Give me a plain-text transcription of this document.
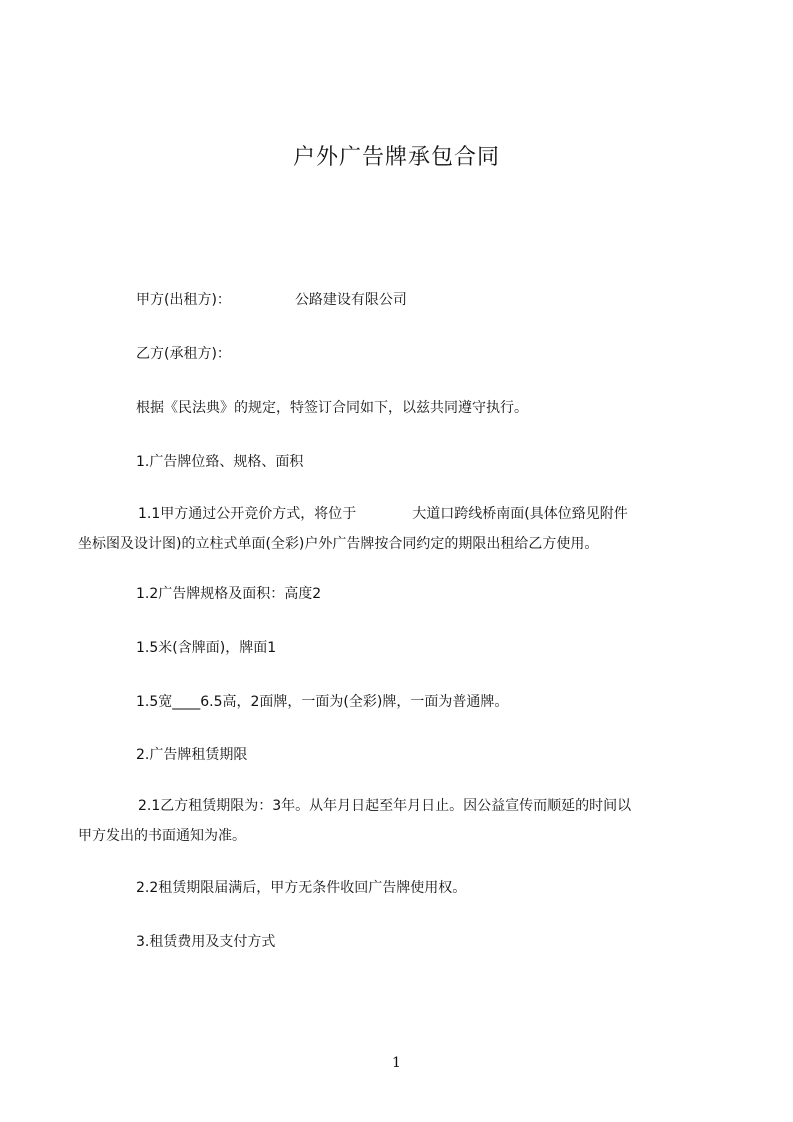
户外广告牌承包合同
甲方(出租方)：	公路建设有限公司
乙方(承租方)：
根据《民法典》的规定，特签订合同如下，以兹共同遵守执行。
1.广告牌位臵、规格、面积
1.1甲方通过公开竞价方式，将位于	大道口跨线桥南面(具体位臵见附件
坐标图及设计图)的立柱式单面(全彩)户外广告牌按合同约定的期限出租给乙方使用。
1.2广告牌规格及面积：高度2
1.5米(含牌面)，牌面1
1.5宽____6.5高，2面牌，一面为(全彩)牌，一面为普通牌。
2.广告牌租赁期限
2.1乙方租赁期限为：3年。从年月日起至年月日止。因公益宣传而顺延的时间以
甲方发出的书面通知为准。
2.2租赁期限届满后，甲方无条件收回广告牌使用权。
3.租赁费用及支付方式
1
